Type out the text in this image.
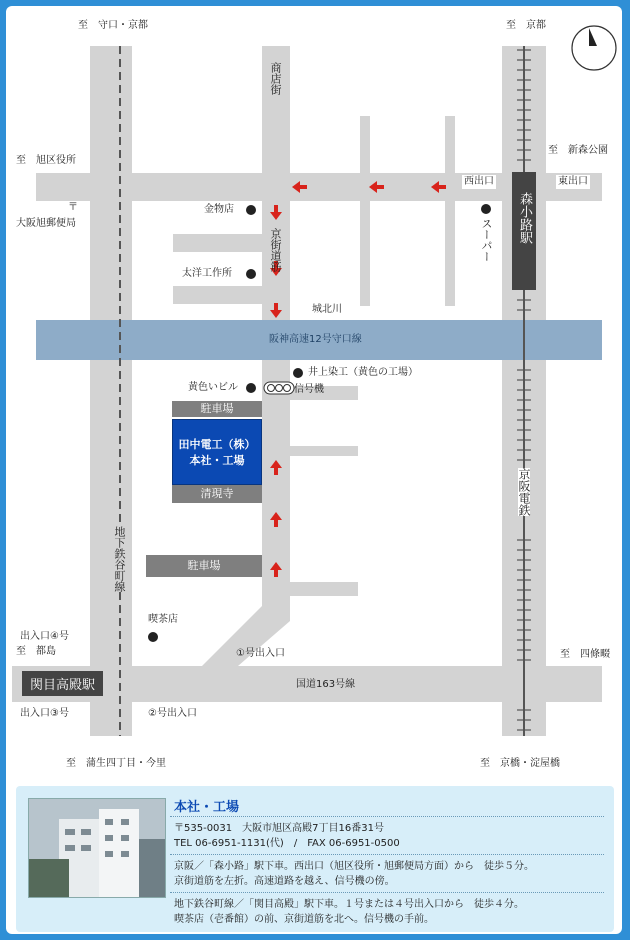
至　守口・京都	至　京都
至　旭区役所
至　新森公園
至　都島	至　四條畷
至　蒲生四丁目・今里	至　京橋・淀屋橋
〒
大阪旭郵便局
商店街
金物店
太洋工作所
京街道筋	スーパー
城北川
阪神高速12号守口線
井上染工（黄色の工場）
黄色いビル	信号機
駐車場
田中電工（株）
本社・工場
清現寺
駐車場
喫茶店
地下鉄谷町線
出入口④号
出入口③号
①号出入口
②号出入口
国道163号線
関目高殿駅
森小路駅
西出口	東出口
京阪電鉄
本社・工場
〒535-0031　大阪市旭区高殿7丁目16番31号
TEL 06-6951-1131(代)　/　FAX 06-6951-0500
京阪／「森小路」駅下車。西出口（旭区役所・旭郵便局方面）から　徒歩５分。
京街道筋を左折。高速道路を越え、信号機の傍。
地下鉄谷町線／「関目高殿」駅下車。１号または４号出入口から　徒歩４分。
喫茶店（壱番館）の前、京街道筋を北へ。信号機の手前。
